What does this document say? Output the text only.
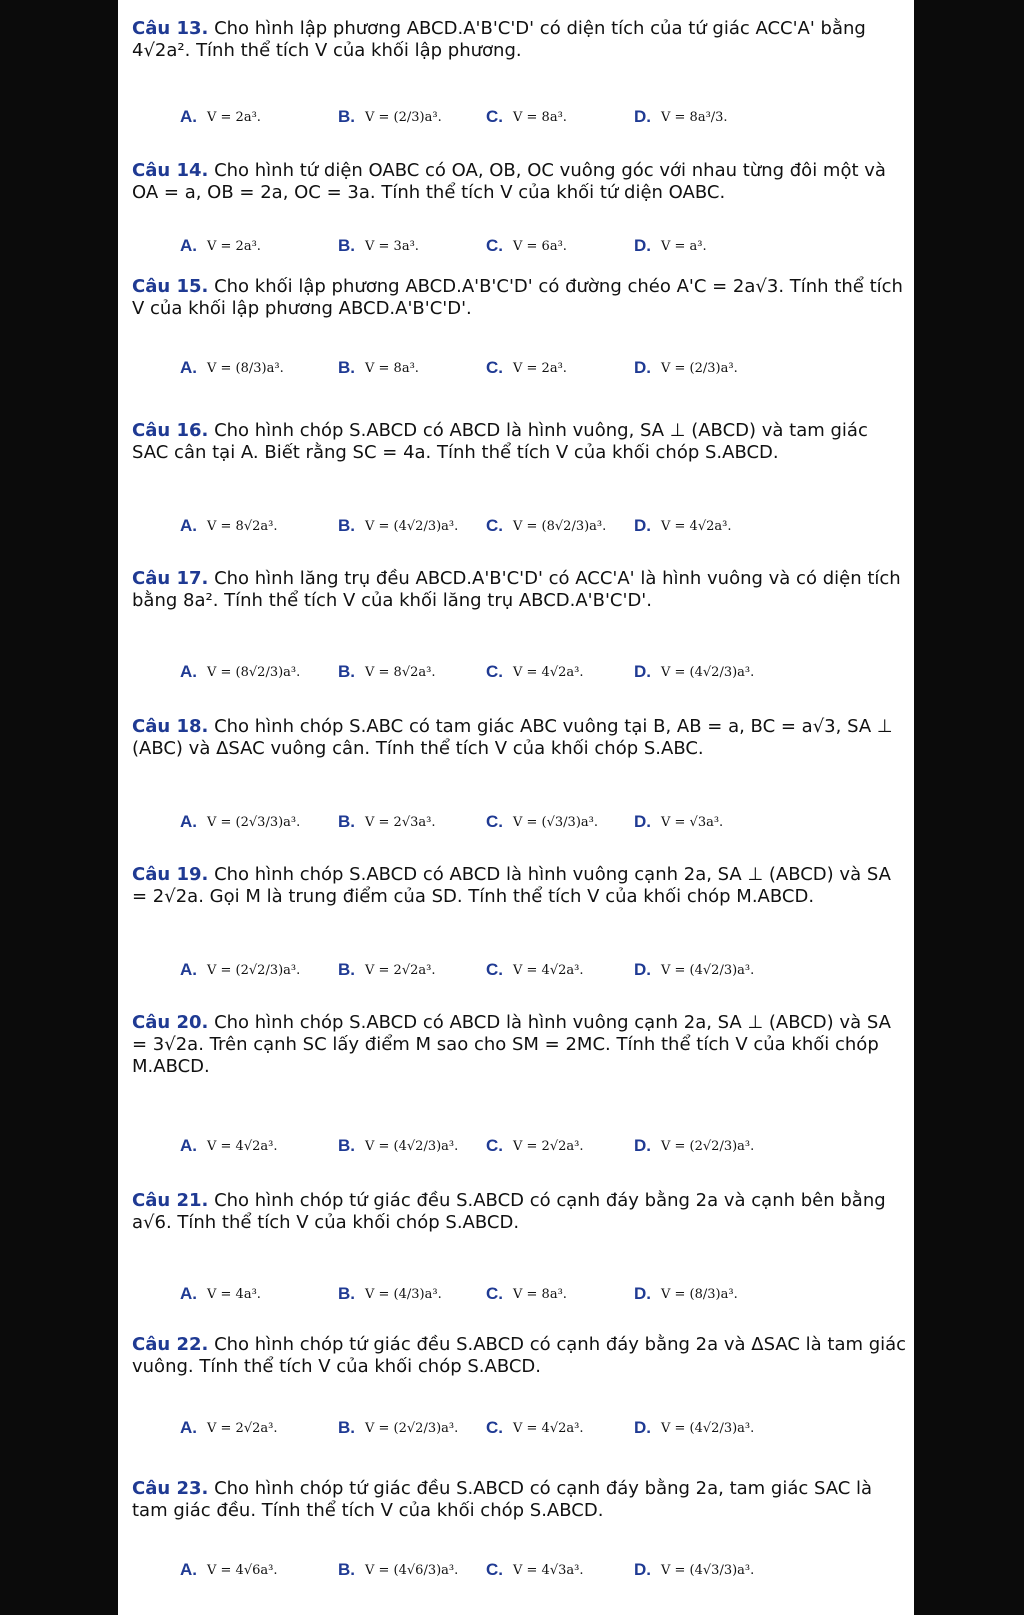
Câu 13. Cho hình lập phương ABCD.A'B'C'D' có diện tích của tứ giác ACC'A' bằng 4√2a². Tính thể tích V của khối lập phương.
A. V = 2a³.	B. V = (2/3)a³.	C. V = 8a³.	D. V = 8a³/3.
Câu 14. Cho hình tứ diện OABC có OA, OB, OC vuông góc với nhau từng đôi một và OA = a, OB = 2a, OC = 3a. Tính thể tích V của khối tứ diện OABC.
A. V = 2a³.	B. V = 3a³.	C. V = 6a³.	D. V = a³.
Câu 15. Cho khối lập phương ABCD.A'B'C'D' có đường chéo A'C = 2a√3. Tính thể tích V của khối lập phương ABCD.A'B'C'D'.
A. V = (8/3)a³.	B. V = 8a³.	C. V = 2a³.	D. V = (2/3)a³.
Câu 16. Cho hình chóp S.ABCD có ABCD là hình vuông, SA ⊥ (ABCD) và tam giác SAC cân tại A. Biết rằng SC = 4a. Tính thể tích V của khối chóp S.ABCD.
A. V = 8√2a³.	B. V = (4√2/3)a³. C. V = (8√2/3)a³. D. V = 4√2a³.
Câu 17. Cho hình lăng trụ đều ABCD.A'B'C'D' có ACC'A' là hình vuông và có diện tích bằng 8a². Tính thể tích V của khối lăng trụ ABCD.A'B'C'D'.
A. V = (8√2/3)a³. B. V = 8√2a³.	C. V = 4√2a³.	D. V = (4√2/3)a³.
Câu 18. Cho hình chóp S.ABC có tam giác ABC vuông tại B, AB = a, BC = a√3, SA ⊥ (ABC) và ΔSAC vuông cân. Tính thể tích V của khối chóp S.ABC.
A. V = (2√3/3)a³. B. V = 2√3a³.	C. V = (√3/3)a³. D. V = √3a³.
Câu 19. Cho hình chóp S.ABCD có ABCD là hình vuông cạnh 2a, SA ⊥ (ABCD) và SA = 2√2a. Gọi M là trung điểm của SD. Tính thể tích V của khối chóp M.ABCD.
A. V = (2√2/3)a³. B. V = 2√2a³.	C. V = 4√2a³.	D. V = (4√2/3)a³.
Câu 20. Cho hình chóp S.ABCD có ABCD là hình vuông cạnh 2a, SA ⊥ (ABCD) và SA = 3√2a. Trên cạnh SC lấy điểm M sao cho SM = 2MC. Tính thể tích V của khối chóp M.ABCD.
A. V = 4√2a³.	B. V = (4√2/3)a³. C. V = 2√2a³.	D. V = (2√2/3)a³.
Câu 21. Cho hình chóp tứ giác đều S.ABCD có cạnh đáy bằng 2a và cạnh bên bằng a√6. Tính thể tích V của khối chóp S.ABCD.
A. V = 4a³.	B. V = (4/3)a³.	C. V = 8a³.	D. V = (8/3)a³.
Câu 22. Cho hình chóp tứ giác đều S.ABCD có cạnh đáy bằng 2a và ΔSAC là tam giác vuông. Tính thể tích V của khối chóp S.ABCD.
A. V = 2√2a³.	B. V = (2√2/3)a³. C. V = 4√2a³.	D. V = (4√2/3)a³.
Câu 23. Cho hình chóp tứ giác đều S.ABCD có cạnh đáy bằng 2a, tam giác SAC là tam giác đều. Tính thể tích V của khối chóp S.ABCD.
A. V = 4√6a³.	B. V = (4√6/3)a³. C. V = 4√3a³.	D. V = (4√3/3)a³.
